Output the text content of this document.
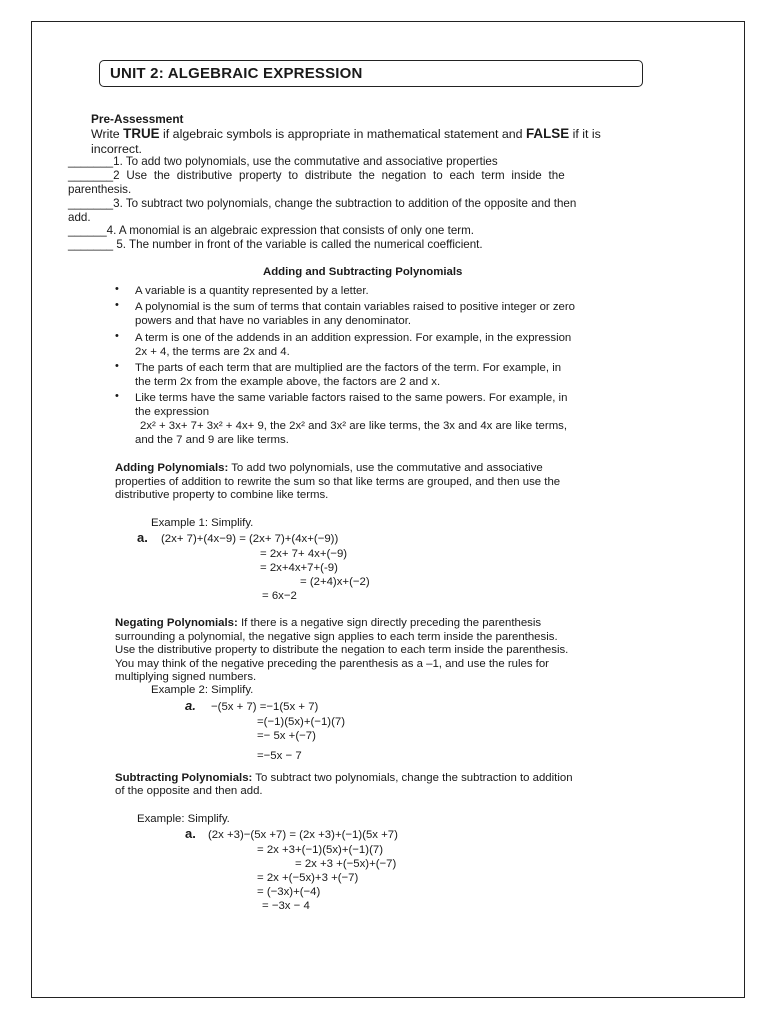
UNIT 2: ALGEBRAIC EXPRESSION
Pre-Assessment
Write TRUE if algebraic symbols is appropriate in mathematical statement and FALSE if it is
incorrect.
_______1. To add two polynomials, use the commutative and associative properties
_______2 Use the distributive property to distribute the negation to each term inside the
parenthesis.
_______3. To subtract two polynomials, change the subtraction to addition of the opposite and then
add.
______4. A monomial is an algebraic expression that consists of only one term.
_______ 5. The number in front of the variable is called the numerical coefficient.
Adding and Subtracting Polynomials
• A variable is a quantity represented by a letter.
• A polynomial is the sum of terms that contain variables raised to positive integer or zero
powers and that have no variables in any denominator.
• A term is one of the addends in an addition expression. For example, in the expression
2x + 4, the terms are 2x and 4.
• The parts of each term that are multiplied are the factors of the term. For example, in
the term 2x from the example above, the factors are 2 and x.
• Like terms have the same variable factors raised to the same powers. For example, in
the expression
2x² + 3x+ 7+ 3x² + 4x+ 9, the 2x² and 3x² are like terms, the 3x and 4x are like terms,
and the 7 and 9 are like terms.
Adding Polynomials: To add two polynomials, use the commutative and associative
properties of addition to rewrite the sum so that like terms are grouped, and then use the
distributive property to combine like terms.
Example 1: Simplify.
a. (2x+ 7)+(4x−9) = (2x+ 7)+(4x+(−9))
= 2x+ 7+ 4x+(−9)
= 2x+4x+7+(-9)
= (2+4)x+(−2)
= 6x−2
Negating Polynomials: If there is a negative sign directly preceding the parenthesis
surrounding a polynomial, the negative sign applies to each term inside the parenthesis.
Use the distributive property to distribute the negation to each term inside the parenthesis.
You may think of the negative preceding the parenthesis as a –1, and use the rules for
multiplying signed numbers.
Example 2: Simplify.
a. −(5x + 7) =−1(5x + 7)
=(−1)(5x)+(−1)(7)
=− 5x +(−7)
=−5x − 7
Subtracting Polynomials: To subtract two polynomials, change the subtraction to addition
of the opposite and then add.
Example: Simplify.
a. (2x +3)−(5x +7) = (2x +3)+(−1)(5x +7)
= 2x +3+(−1)(5x)+(−1)(7)
= 2x +3 +(−5x)+(−7)
= 2x +(−5x)+3 +(−7)
= (−3x)+(−4)
= −3x − 4
